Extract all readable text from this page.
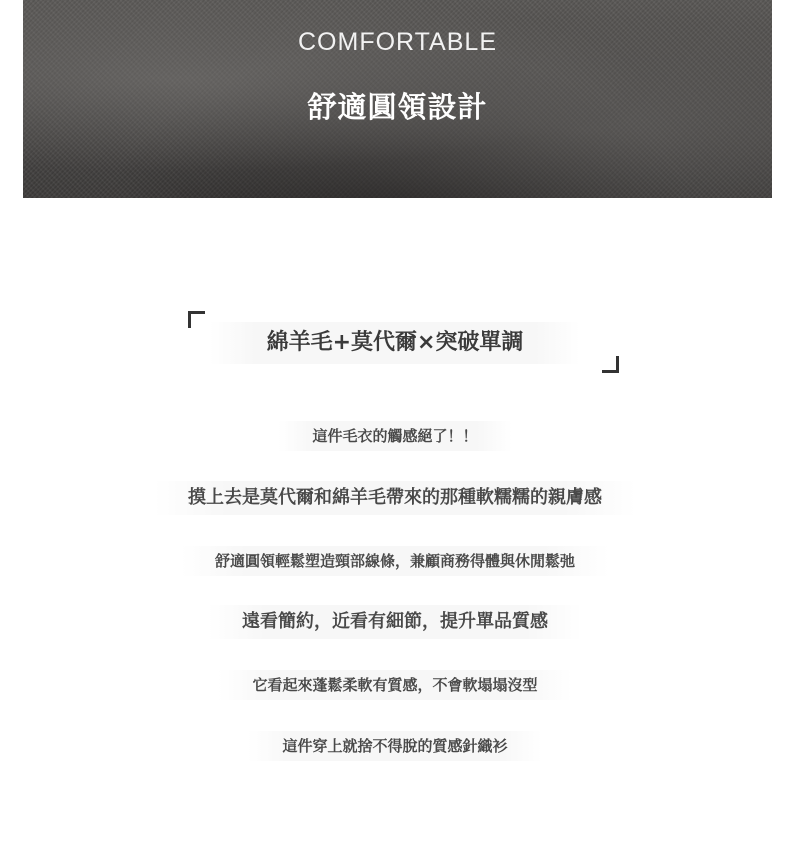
COMFORTABLE
舒適圓領設計
綿羊毛+莫代爾×突破單調
這件毛衣的觸感絕了！！
摸上去是莫代爾和綿羊毛帶來的那種軟糯糯的親膚感
舒適圓領輕鬆塑造頸部線條，兼顧商務得體與休閒鬆弛
遠看簡約，近看有細節，提升單品質感
它看起來蓬鬆柔軟有質感，不會軟塌塌沒型
這件穿上就捨不得脫的質感針織衫
